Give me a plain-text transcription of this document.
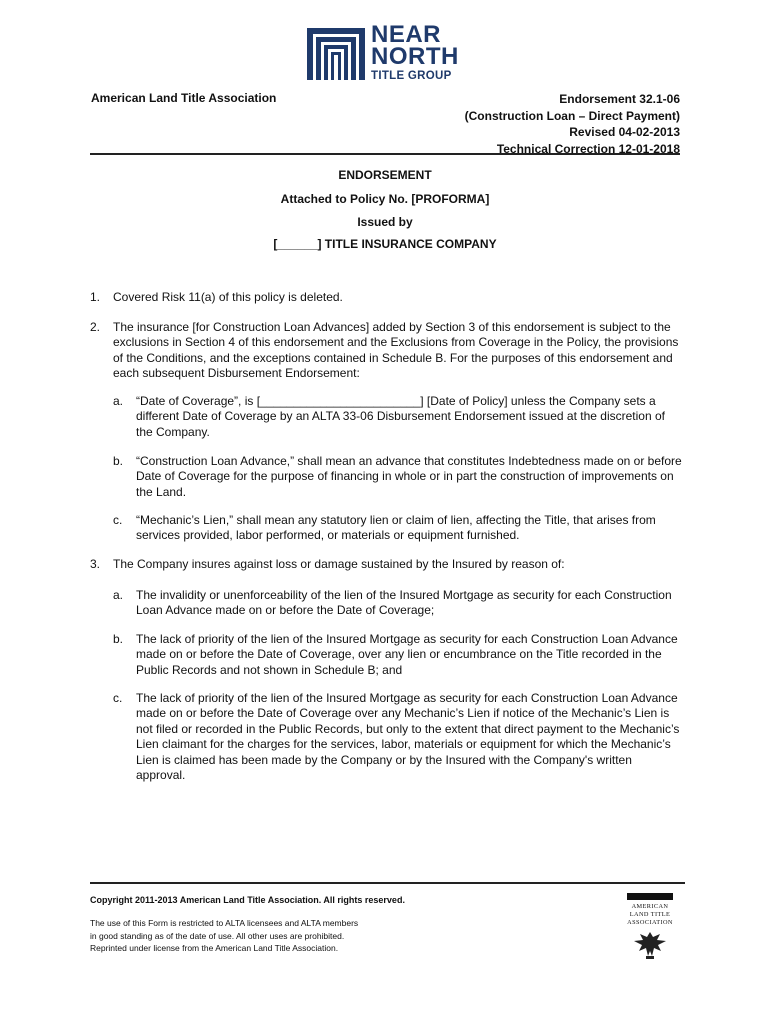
NEAR
NORTH
TITLE GROUP
American Land Title Association	Endorsement 32.1-06
(Construction Loan – Direct Payment)
Revised 04-02-2013
Technical Correction 12-01-2018
ENDORSEMENT
Attached to Policy No. [PROFORMA]
Issued by
[______] TITLE INSURANCE COMPANY
1. Covered Risk 11(a) of this policy is deleted.
2. The insurance [for Construction Loan Advances] added by Section 3 of this endorsement is subject to the exclusions in Section 4 of this endorsement and the Exclusions from Coverage in the Policy, the provisions of the Conditions, and the exceptions contained in Schedule B. For the purposes of this endorsement and each subsequent Disbursement Endorsement:
a. “Date of Coverage”, is [________________________] [Date of Policy] unless the Company sets a different Date of Coverage by an ALTA 33-06 Disbursement Endorsement issued at the discretion of the Company.
b. “Construction Loan Advance,” shall mean an advance that constitutes Indebtedness made on or before Date of Coverage for the purpose of financing in whole or in part the construction of improvements on the Land.
c. “Mechanic’s Lien,” shall mean any statutory lien or claim of lien, affecting the Title, that arises from services provided, labor performed, or materials or equipment furnished.
3. The Company insures against loss or damage sustained by the Insured by reason of:
a. The invalidity or unenforceability of the lien of the Insured Mortgage as security for each Construction Loan Advance made on or before the Date of Coverage;
b. The lack of priority of the lien of the Insured Mortgage as security for each Construction Loan Advance made on or before the Date of Coverage, over any lien or encumbrance on the Title recorded in the Public Records and not shown in Schedule B; and
c. The lack of priority of the lien of the Insured Mortgage as security for each Construction Loan Advance made on or before the Date of Coverage over any Mechanic’s Lien if notice of the Mechanic’s Lien is not filed or recorded in the Public Records, but only to the extent that direct payment to the Mechanic’s Lien claimant for the charges for the services, labor, materials or equipment for which the Mechanic’s Lien is claimed has been made by the Company or by the Insured with the Company's written approval.
Copyright 2011-2013 American Land Title Association. All rights reserved.
The use of this Form is restricted to ALTA licensees and ALTA members
in good standing as of the date of use. All other uses are prohibited.
Reprinted under license from the American Land Title Association.
AMERICAN
LAND TITLE
ASSOCIATION
